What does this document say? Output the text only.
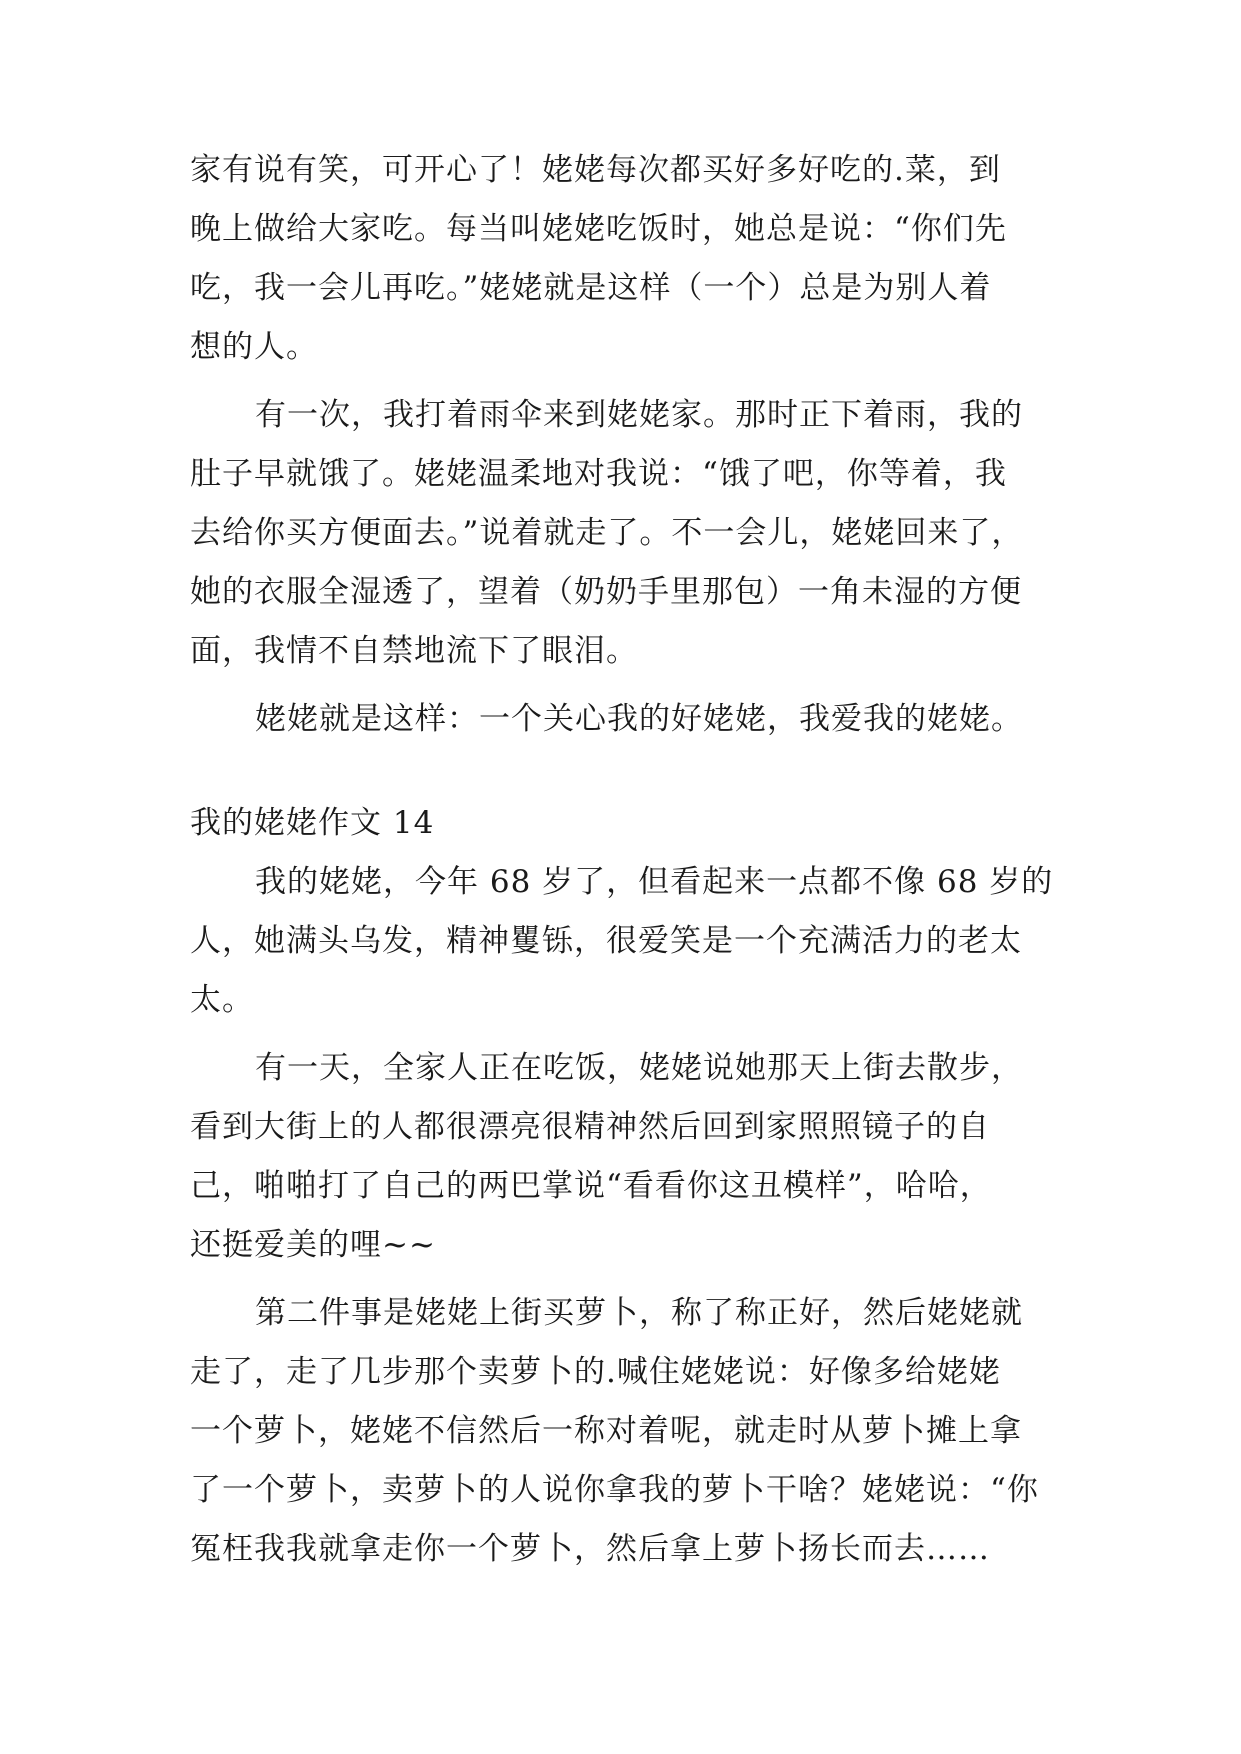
家有说有笑，可开心了！姥姥每次都买好多好吃的.菜，到
晚上做给大家吃。每当叫姥姥吃饭时，她总是说：“你们先
吃，我一会儿再吃。”姥姥就是这样（一个）总是为别人着
想的人。
有一次，我打着雨伞来到姥姥家。那时正下着雨，我的
肚子早就饿了。姥姥温柔地对我说：“饿了吧，你等着，我
去给你买方便面去。”说着就走了。不一会儿，姥姥回来了，
她的衣服全湿透了，望着（奶奶手里那包）一角未湿的方便
面，我情不自禁地流下了眼泪。
姥姥就是这样：一个关心我的好姥姥，我爱我的姥姥。
我的姥姥作文 14
我的姥姥，今年 68 岁了，但看起来一点都不像 68 岁的
人，她满头乌发，精神矍铄，很爱笑是一个充满活力的老太
太。
有一天，全家人正在吃饭，姥姥说她那天上街去散步，
看到大街上的人都很漂亮很精神然后回到家照照镜子的自
己，啪啪打了自己的两巴掌说“看看你这丑模样”，哈哈，
还挺爱美的哩~~
第二件事是姥姥上街买萝卜，称了称正好，然后姥姥就
走了，走了几步那个卖萝卜的.喊住姥姥说：好像多给姥姥
一个萝卜，姥姥不信然后一称对着呢，就走时从萝卜摊上拿
了一个萝卜，卖萝卜的人说你拿我的萝卜干啥？姥姥说：“你
冤枉我我就拿走你一个萝卜，然后拿上萝卜扬长而去……
